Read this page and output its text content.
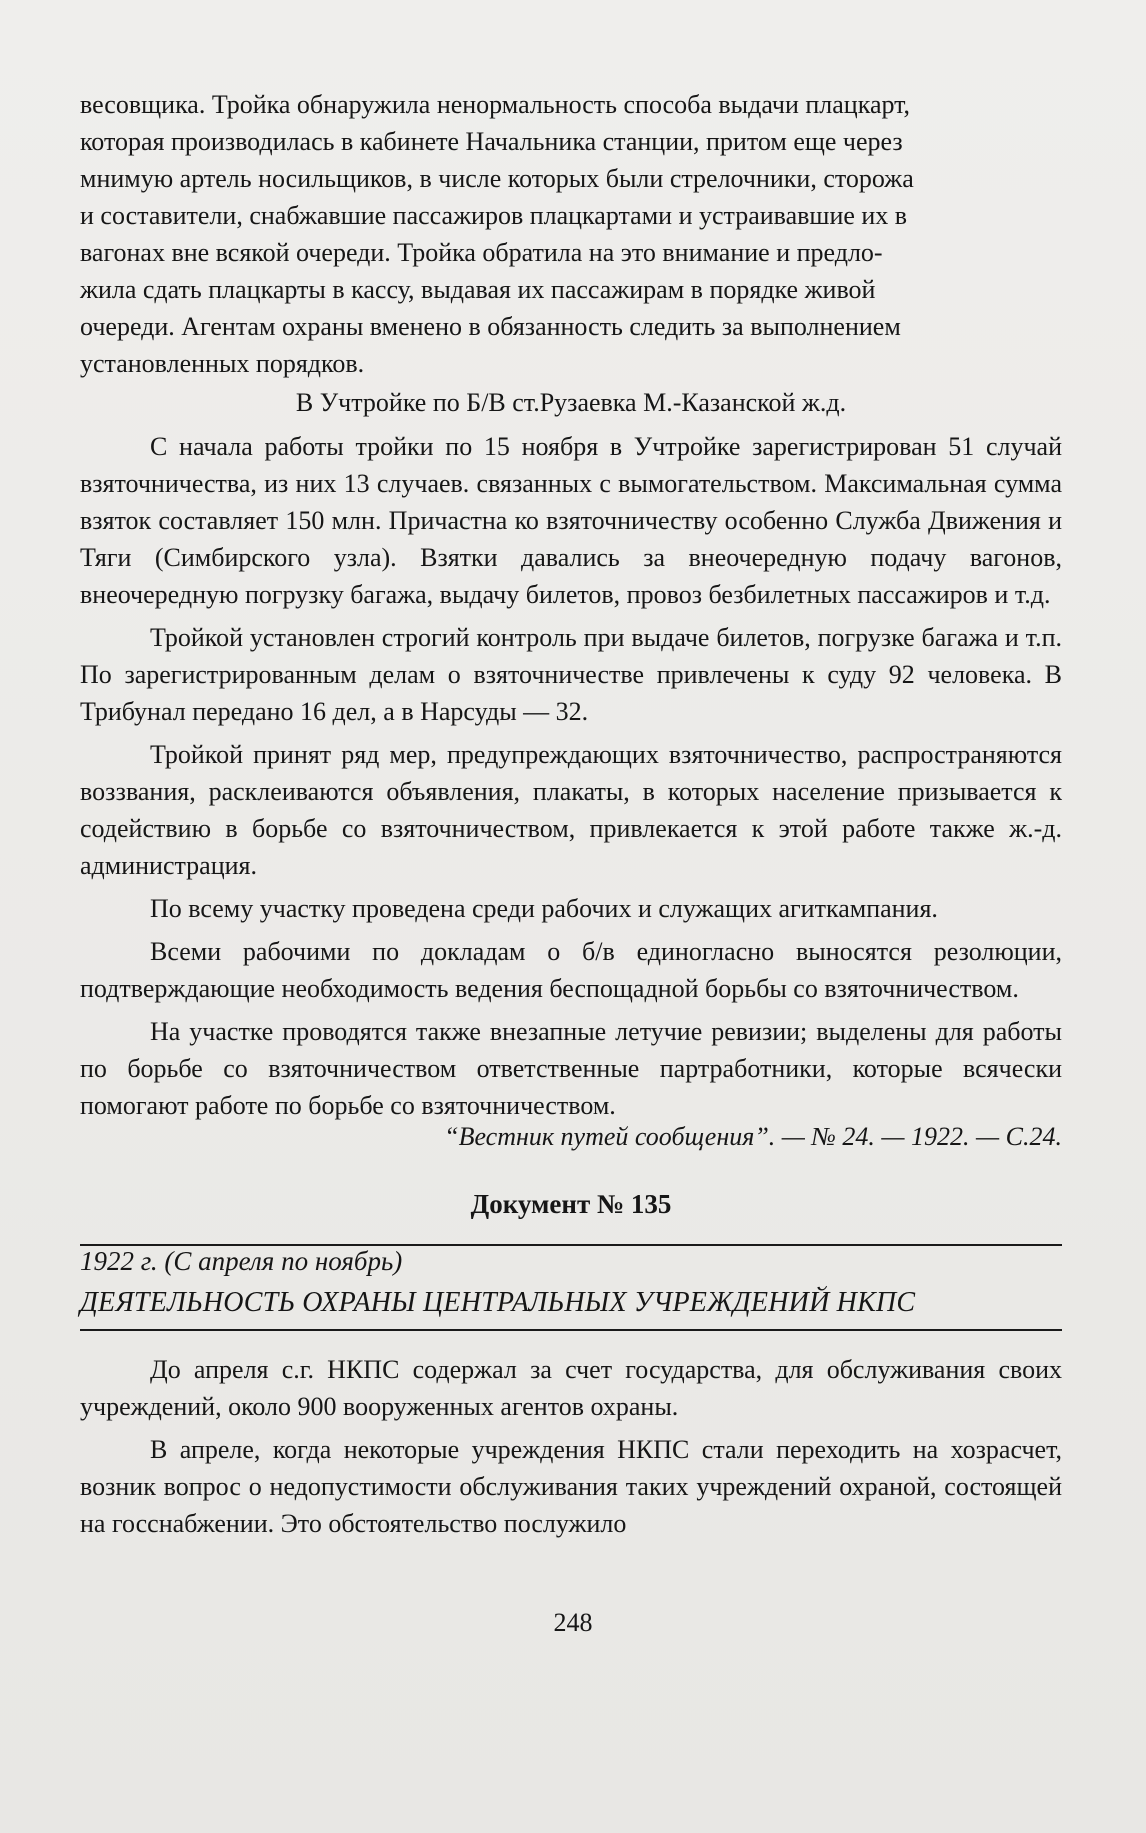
весовщика. Тройка обнаружила ненормальность способа выдачи плацкарт,

которая производилась в кабинете Начальника станции, притом еще через

мнимую артель носильщиков, в числе которых были стрелочники, сторожа

и составители, снабжавшие пассажиров плацкартами и устраивавшие их в

вагонах вне всякой очереди. Тройка обратила на это внимание и предло-

жила сдать плацкарты в кассу, выдавая их пассажирам в порядке живой

очереди. Агентам охраны вменено в обязанность следить за выполнением

установленных порядков.

В Учтройке по Б/В ст.Рузаевка М.-Казанской ж.д.

С начала работы тройки по 15 ноября в Учтройке зарегистрирован 51 случай взяточничества, из них 13 случаев. связанных с вымогательством. Максимальная сумма взяток составляет 150 млн. Причастна ко взяточничеству особенно Служба Движения и Тяги (Симбирского узла). Взятки давались за внеочередную подачу вагонов, внеочередную погрузку багажа, выдачу билетов, провоз безбилетных пассажиров и т.д.

Тройкой установлен строгий контроль при выдаче билетов, погрузке багажа и т.п. По зарегистрированным делам о взяточничестве привлечены к суду 92 человека. В Трибунал передано 16 дел, а в Нарсуды — 32.

Тройкой принят ряд мер, предупреждающих взяточничество, распространяются воззвания, расклеиваются объявления, плакаты, в которых население призывается к содействию в борьбе со взяточничеством, привлекается к этой работе также ж.-д. администрация.

По всему участку проведена среди рабочих и служащих агиткампания.

Всеми рабочими по докладам о б/в единогласно выносятся резолюции, подтверждающие необходимость ведения беспощадной борьбы со взяточничеством.

На участке проводятся также внезапные летучие ревизии; выделены для работы по борьбе со взяточничеством ответственные партработники, которые всячески помогают работе по борьбе со взяточничеством.

“Вестник путей сообщения”. — № 24. — 1922. — С.24.
Документ № 135
1922 г. (С апреля по ноябрь)
ДЕЯТЕЛЬНОСТЬ ОХРАНЫ ЦЕНТРАЛЬНЫХ УЧРЕЖДЕНИЙ НКПС

До апреля с.г. НКПС содержал за счет государства, для обслуживания своих учреждений, около 900 вооруженных агентов охраны.

В апреле, когда некоторые учреждения НКПС стали переходить на хозрасчет, возник вопрос о недопустимости обслуживания таких учреждений охраной, состоящей на госснабжении. Это обстоятельство послужило

248
